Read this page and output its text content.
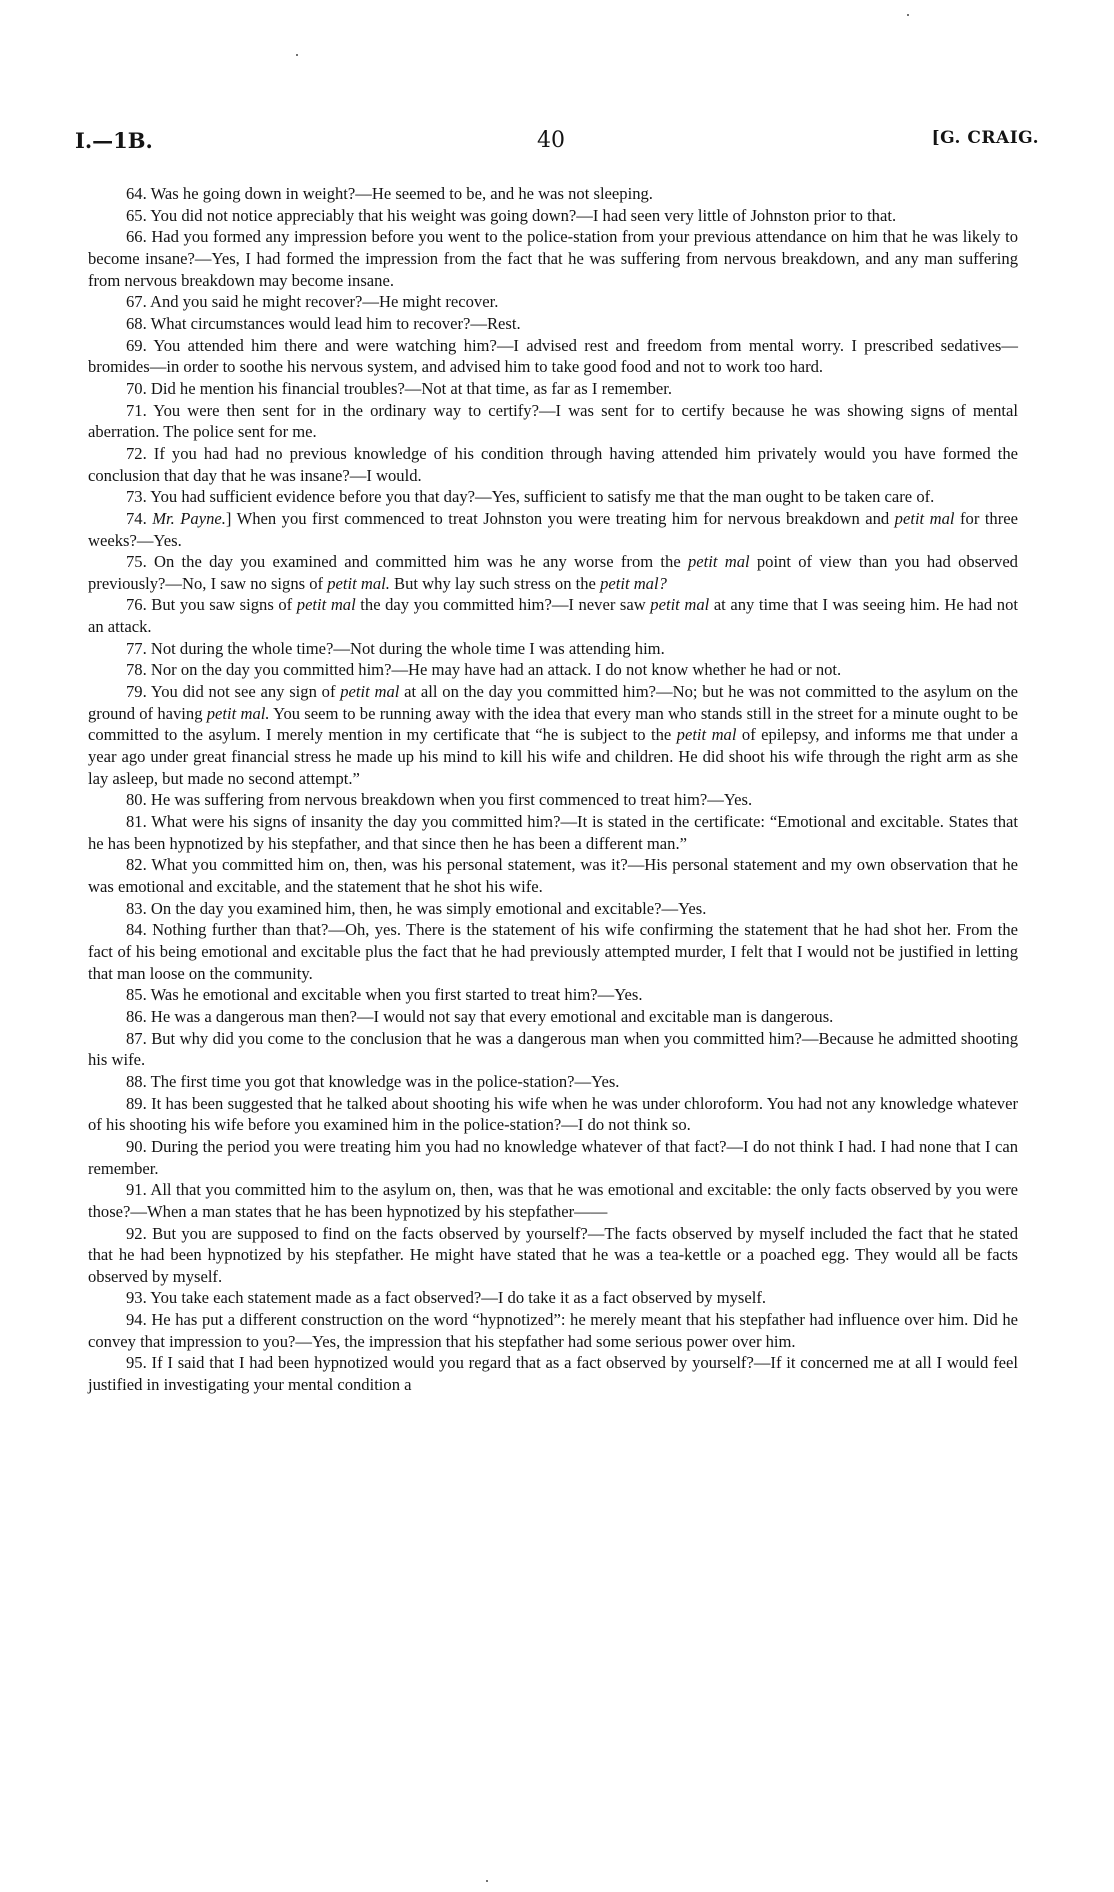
I.—1B.	40	[G. CRAIG.

64. Was he going down in weight?—He seemed to be, and he was not sleeping.

65. You did not notice appreciably that his weight was going down?—I had seen very little of Johnston prior to that.

66. Had you formed any impression before you went to the police-station from your previous attendance on him that he was likely to become insane?—Yes, I had formed the impression from the fact that he was suffering from nervous breakdown, and any man suffering from nervous breakdown may become insane.

67. And you said he might recover?—He might recover.

68. What circumstances would lead him to recover?—Rest.

69. You attended him there and were watching him?—I advised rest and freedom from mental worry. I prescribed sedatives—bromides—in order to soothe his nervous system, and advised him to take good food and not to work too hard.

70. Did he mention his financial troubles?—Not at that time, as far as I remember.

71. You were then sent for in the ordinary way to certify?—I was sent for to certify because he was showing signs of mental aberration. The police sent for me.

72. If you had had no previous knowledge of his condition through having attended him privately would you have formed the conclusion that day that he was insane?—I would.

73. You had sufficient evidence before you that day?—Yes, sufficient to satisfy me that the man ought to be taken care of.

74. Mr. Payne.] When you first commenced to treat Johnston you were treating him for nervous breakdown and petit mal for three weeks?—Yes.

75. On the day you examined and committed him was he any worse from the petit mal point of view than you had observed previously?—No, I saw no signs of petit mal. But why lay such stress on the petit mal?

76. But you saw signs of petit mal the day you committed him?—I never saw petit mal at any time that I was seeing him. He had not an attack.

77. Not during the whole time?—Not during the whole time I was attending him.

78. Nor on the day you committed him?—He may have had an attack. I do not know whether he had or not.

79. You did not see any sign of petit mal at all on the day you committed him?—No; but he was not committed to the asylum on the ground of having petit mal. You seem to be running away with the idea that every man who stands still in the street for a minute ought to be committed to the asylum. I merely mention in my certificate that “he is subject to the petit mal of epilepsy, and informs me that under a year ago under great financial stress he made up his mind to kill his wife and children. He did shoot his wife through the right arm as she lay asleep, but made no second attempt.”

80. He was suffering from nervous breakdown when you first commenced to treat him?—Yes.

81. What were his signs of insanity the day you committed him?—It is stated in the certificate: “Emotional and excitable. States that he has been hypnotized by his stepfather, and that since then he has been a different man.”

82. What you committed him on, then, was his personal statement, was it?—His personal statement and my own observation that he was emotional and excitable, and the statement that he shot his wife.

83. On the day you examined him, then, he was simply emotional and excitable?—Yes.

84. Nothing further than that?—Oh, yes. There is the statement of his wife confirming the statement that he had shot her. From the fact of his being emotional and excitable plus the fact that he had previously attempted murder, I felt that I would not be justified in letting that man loose on the community.

85. Was he emotional and excitable when you first started to treat him?—Yes.

86. He was a dangerous man then?—I would not say that every emotional and excitable man is dangerous.

87. But why did you come to the conclusion that he was a dangerous man when you committed him?—Because he admitted shooting his wife.

88. The first time you got that knowledge was in the police-station?—Yes.

89. It has been suggested that he talked about shooting his wife when he was under chloroform. You had not any knowledge whatever of his shooting his wife before you examined him in the police-station?—I do not think so.

90. During the period you were treating him you had no knowledge whatever of that fact?—I do not think I had. I had none that I can remember.

91. All that you committed him to the asylum on, then, was that he was emotional and excitable: the only facts observed by you were those?—When a man states that he has been hypnotized by his stepfather——

92. But you are supposed to find on the facts observed by yourself?—The facts observed by myself included the fact that he stated that he had been hypnotized by his stepfather. He might have stated that he was a tea-kettle or a poached egg. They would all be facts observed by myself.

93. You take each statement made as a fact observed?—I do take it as a fact observed by myself.

94. He has put a different construction on the word “hypnotized”: he merely meant that his stepfather had influence over him. Did he convey that impression to you?—Yes, the impression that his stepfather had some serious power over him.

95. If I said that I had been hypnotized would you regard that as a fact observed by yourself?—If it concerned me at all I would feel justified in investigating your mental condition a
